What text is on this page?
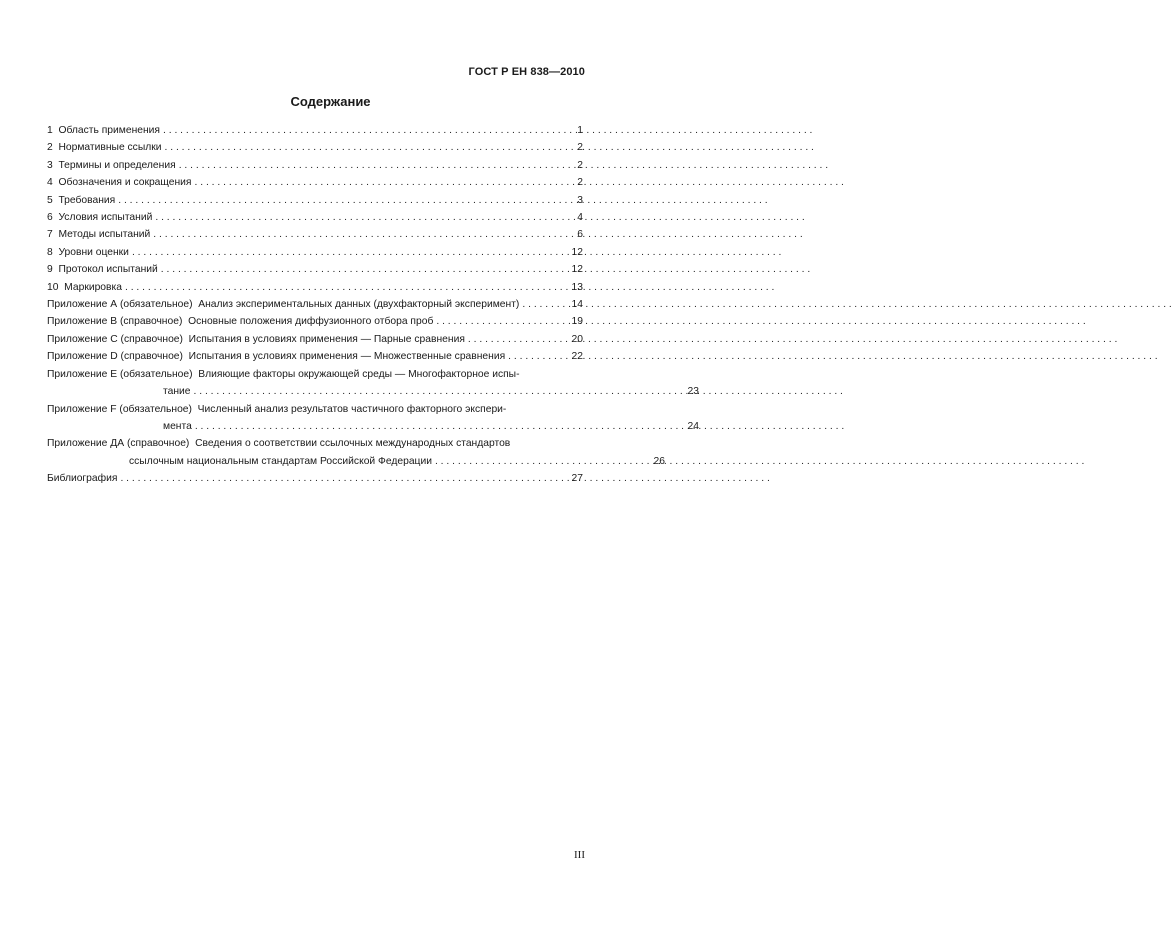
ГОСТ Р ЕН 838—2010
Содержание
1  Область применения . . .	1
2  Нормативные ссылки . . .	2
3  Термины и определения . . .	2
4  Обозначения и сокращения . . .	2
5  Требования . . .	3
6  Условия испытаний . . .	4
7  Методы испытаний . . .	6
8  Уровни оценки . . .	12
9  Протокол испытаний . . .	12
10  Маркировка . . .	13
Приложение А (обязательное)  Анализ экспериментальных данных (двухфакторный эксперимент) . . .	14
Приложение В (справочное)  Основные положения диффузионного отбора проб . . .	19
Приложение С (справочное)  Испытания в условиях применения — Парные сравнения . . .	20
Приложение D (справочное)  Испытания в условиях применения — Множественные сравнения . . .	22
Приложение Е (обязательное)  Влияющие факторы окружающей среды — Многофакторное испы-
тание . . .	23
Приложение F (обязательное)  Численный анализ результатов частичного факторного экспери-
мента . . .	24
Приложение ДА (справочное)  Сведения о соответствии ссылочных международных стандартов
ссылочным национальным стандартам Российской Федерации . . .	26
Библиография . . .	27
III
